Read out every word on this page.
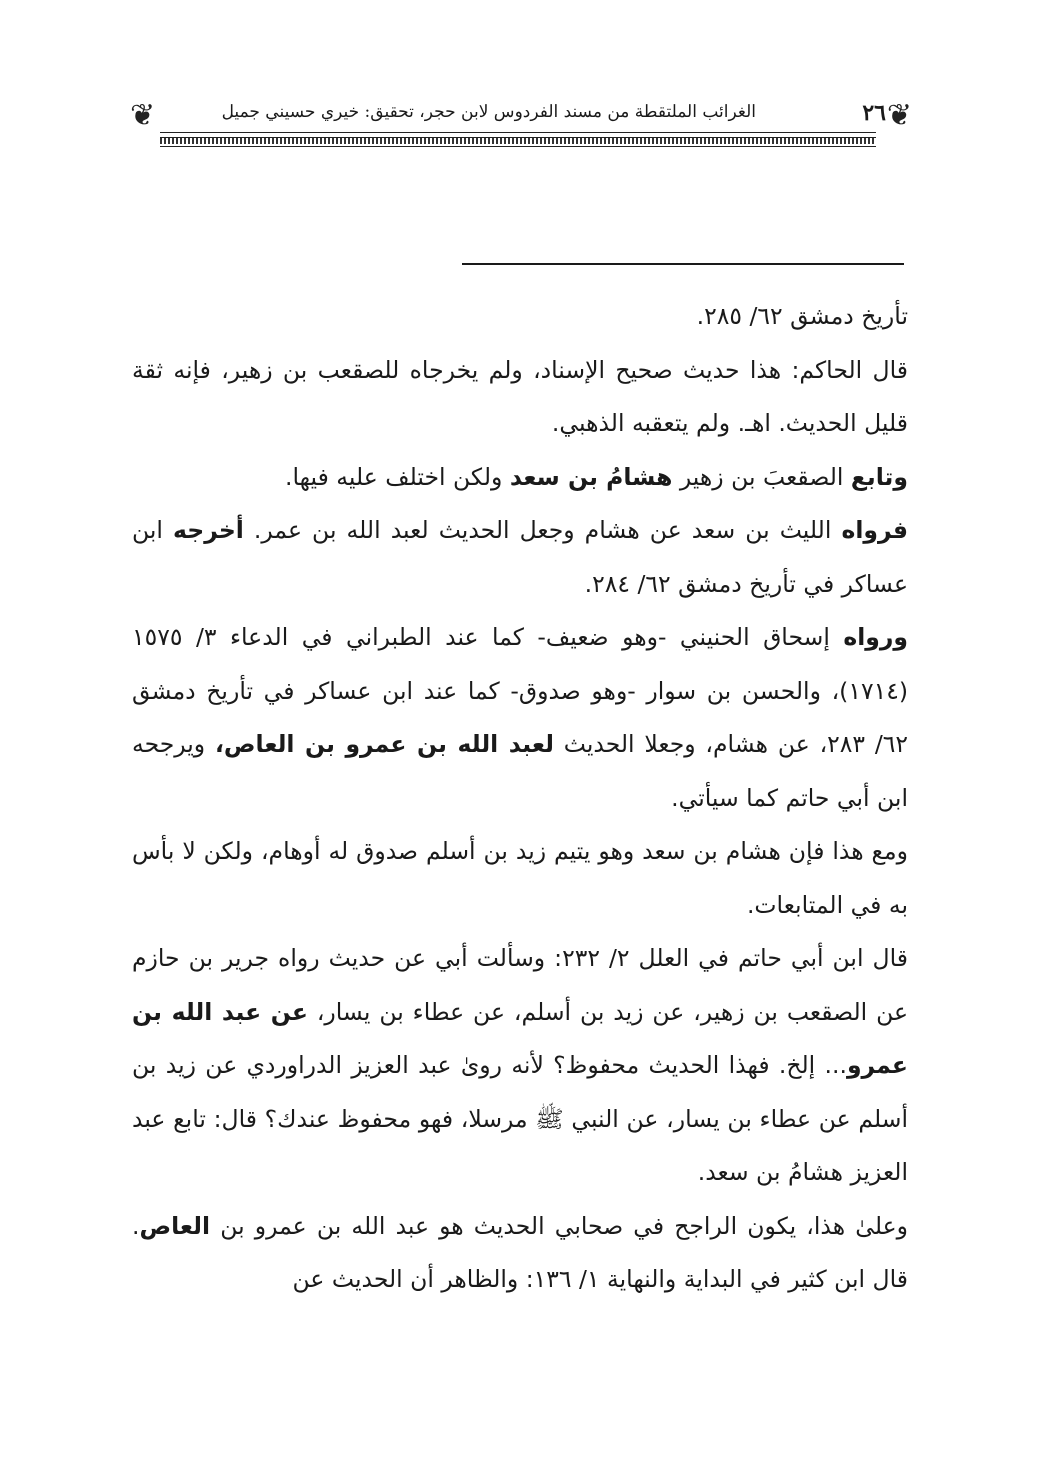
❦	الغرائب الملتقطة من مسند الفردوس لابن حجر، تحقيق: خيري حسيني جميل	٢٦ ❦

تأريخ دمشق ٦٢/ ٢٨٥.

قال الحاكم: هذا حديث صحيح الإسناد، ولم يخرجاه للصقعب بن زهير، فإنه ثقة قليل الحديث. اهـ. ولم يتعقبه الذهبي.

وتابع الصقعبَ بن زهير هشامُ بن سعد ولكن اختلف عليه فيها.

فرواه الليث بن سعد عن هشام وجعل الحديث لعبد الله بن عمر. أخرجه ابن عساكر في تأريخ دمشق ٦٢/ ٢٨٤.

ورواه إسحاق الحنيني -وهو ضعيف- كما عند الطبراني في الدعاء ٣/ ١٥٧٥ (١٧١٤)، والحسن بن سوار -وهو صدوق- كما عند ابن عساكر في تأريخ دمشق ٦٢/ ٢٨٣، عن هشام، وجعلا الحديث لعبد الله بن عمرو بن العاص، ويرجحه ابن أبي حاتم كما سيأتي.

ومع هذا فإن هشام بن سعد وهو يتيم زيد بن أسلم صدوق له أوهام، ولكن لا بأس به في المتابعات.

قال ابن أبي حاتم في العلل ٢/ ٢٣٢: وسألت أبي عن حديث رواه جرير بن حازم عن الصقعب بن زهير، عن زيد بن أسلم، عن عطاء بن يسار، عن عبد الله بن عمرو... إلخ. فهذا الحديث محفوظ؟ لأنه روىٰ عبد العزيز الدراوردي عن زيد بن أسلم عن عطاء بن يسار، عن النبي ﷺ مرسلا، فهو محفوظ عندك؟ قال: تابع عبد العزيز هشامُ بن سعد.

وعلىٰ هذا، يكون الراجح في صحابي الحديث هو عبد الله بن عمرو بن العاص. قال ابن كثير في البداية والنهاية ١/ ١٣٦: والظاهر أن الحديث عن
